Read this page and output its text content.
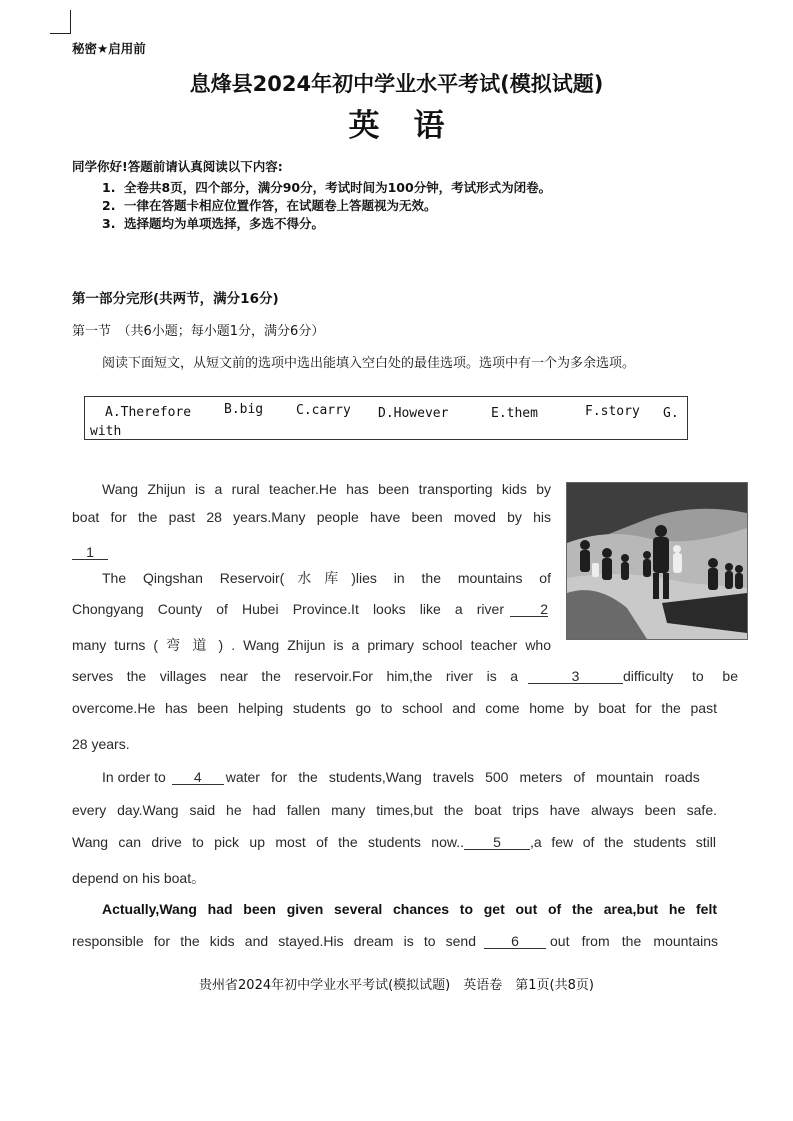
秘密★启用前
息烽县2024年初中学业水平考试(模拟试题)
英语
同学你好!答题前请认真阅读以下内容:
1. 全卷共8页，四个部分，满分90分，考试时间为100分钟，考试形式为闭卷。
2. 一律在答题卡相应位置作答，在试题卷上答题视为无效。
3. 选择题均为单项选择，多选不得分。
第一部分完形(共两节，满分16分)
第一节　（共6小题；每小题1分，满分6分）
阅读下面短文，从短文前的选项中选出能填入空白处的最佳选项。选项中有一个为多余选项。
A.Therefore	B.big	C.carry D.However	E.them	F.story G.
with
Wang Zhijun is a rural teacher.He has been transporting kids by
boat for the past 28 years.Many people have been moved by his
1
The Qingshan Reservoir(水库)lies in the mountains of
Chongyang County of Hubei Province.It looks like a river	2
many turns ( 弯 道 ) . Wang Zhijun is a primary school teacher who
serves the villages near the reservoir.For him,the river is a	3	difficulty to be
overcome.He has been helping students go to school and come home by boat for the past
28 years.
In order to 4 water for the students,Wang travels 500 meters of mountain roads
every day.Wang said he had fallen many times,but the boat trips have always been safe.
Wang can drive to pick up most of the students now.. 5 ,a few of the students still
depend on his boat。
Actually,Wang had been given several chances to get out of the area,but he felt
responsible for the kids and stayed.His dream is to send	6 out from the mountains
贵州省2024年初中学业水平考试(模拟试题)　英语卷　第1页(共8页)
